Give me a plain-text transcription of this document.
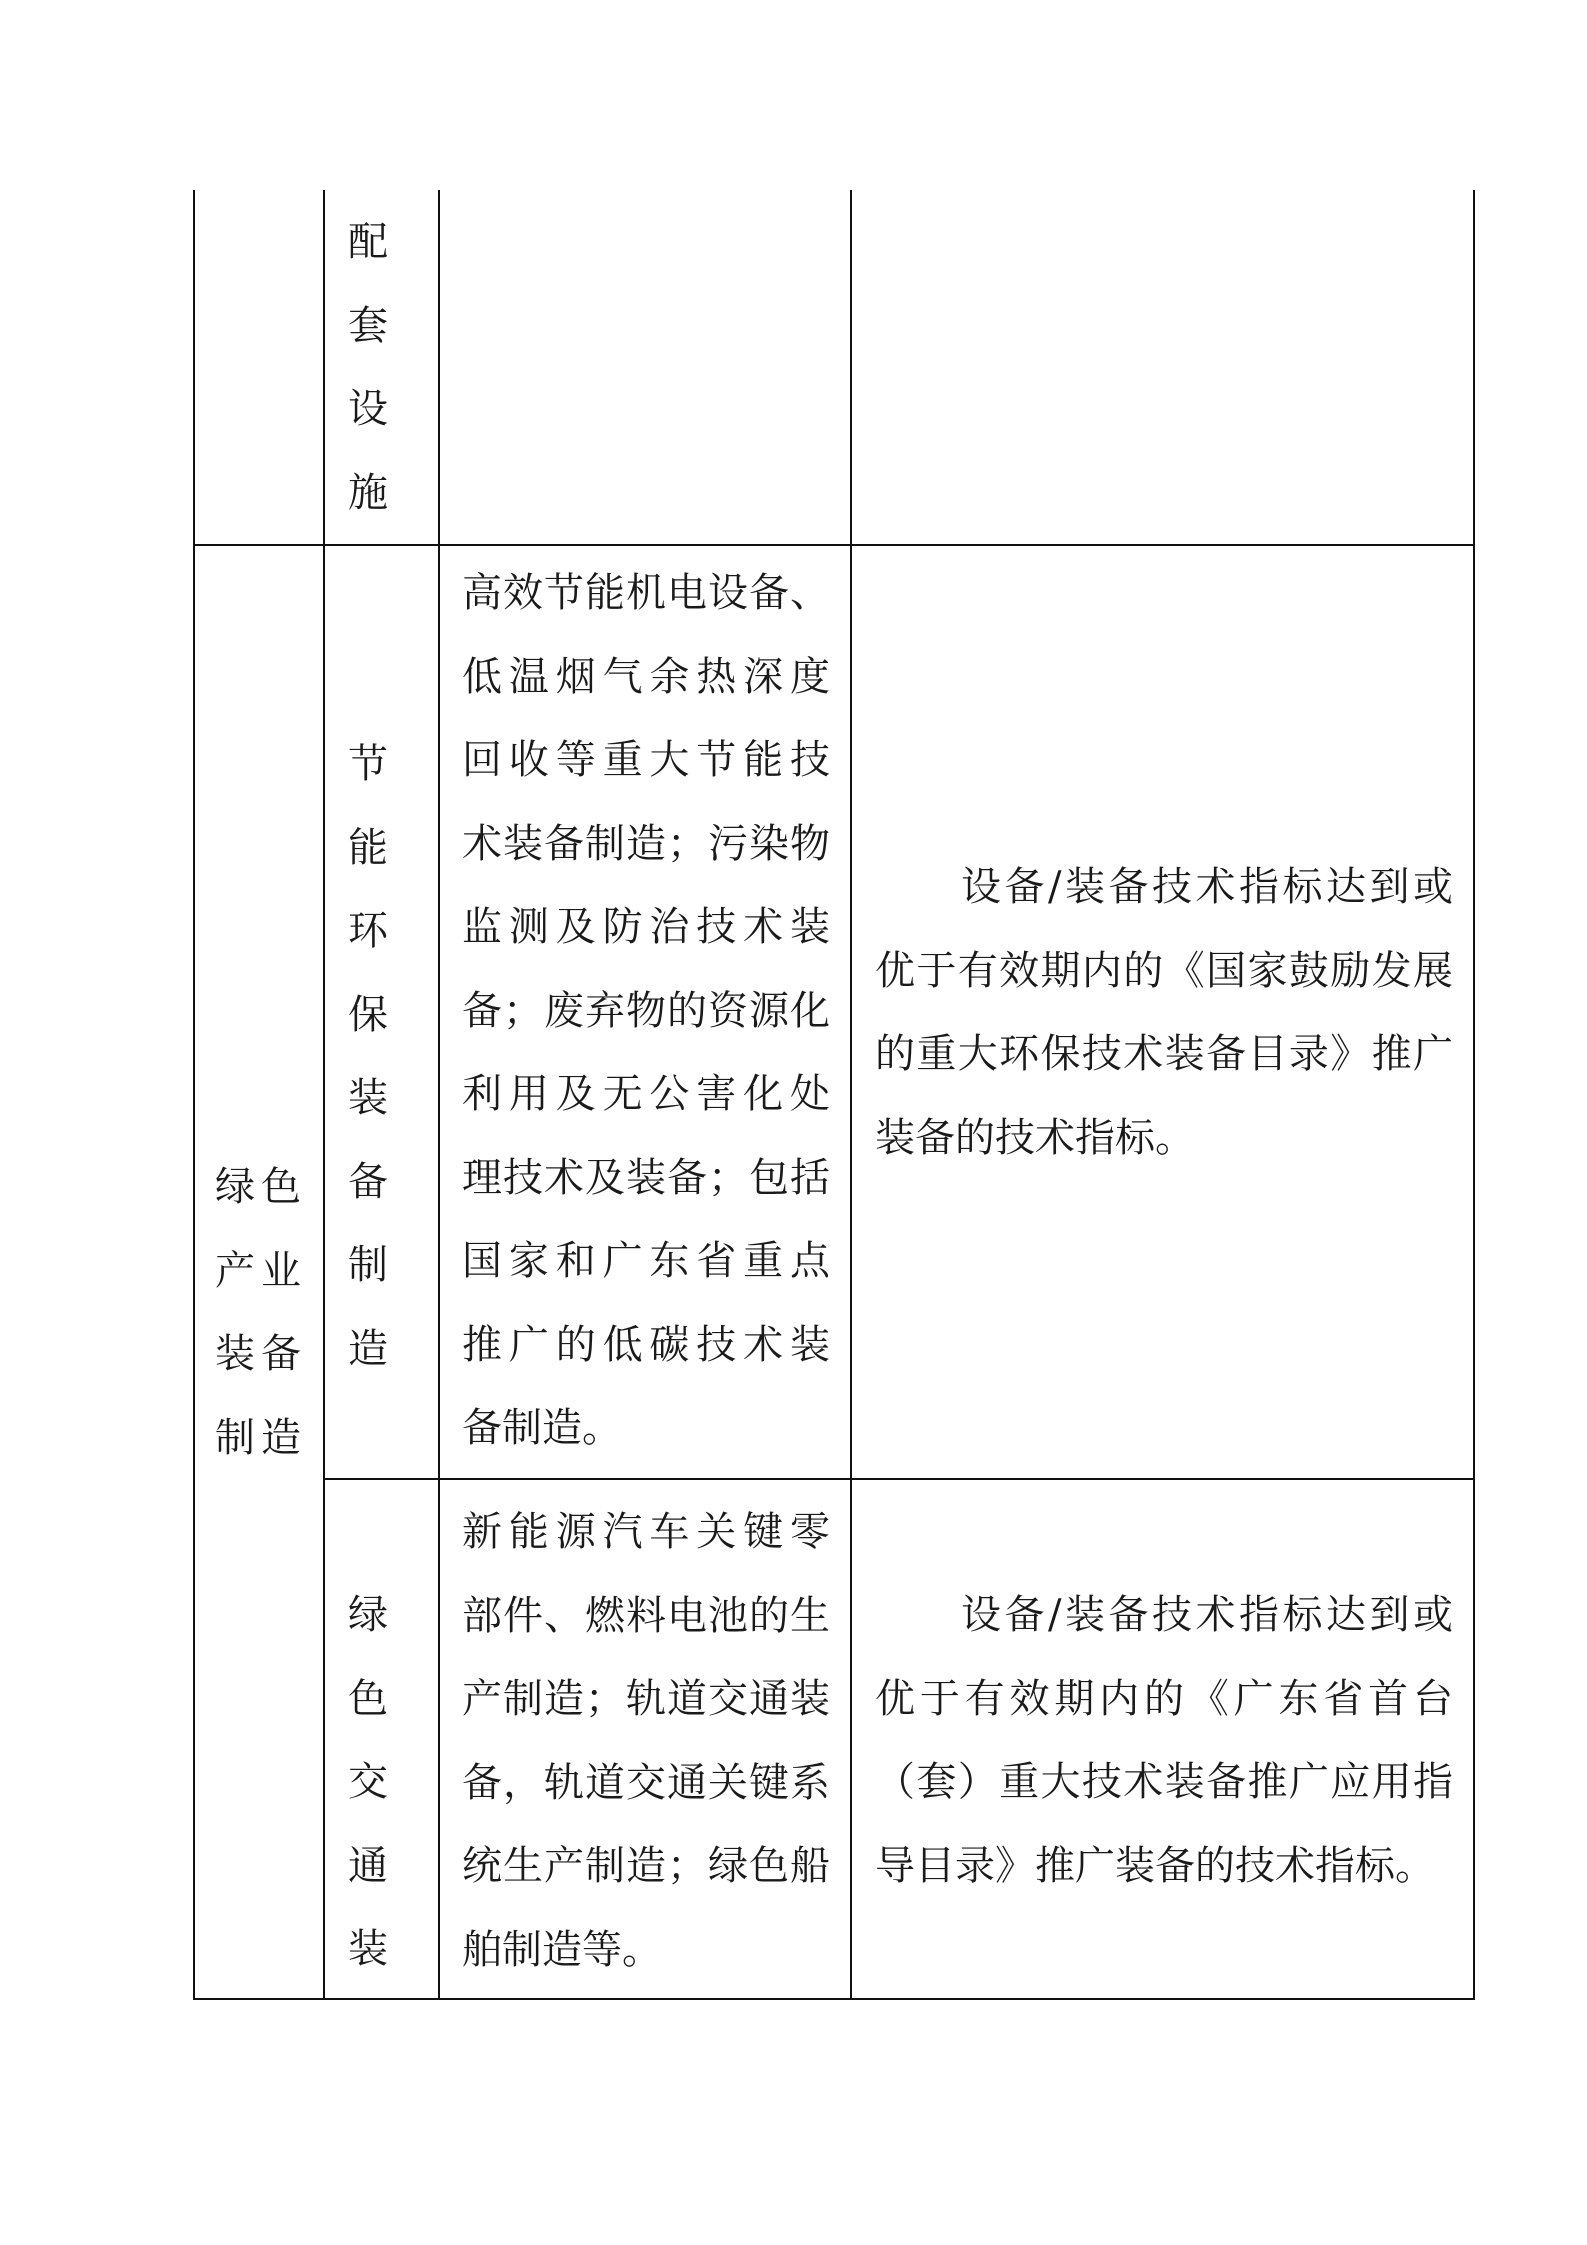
配
套
设
施
绿色
产业
装备
制造
节
能
环
保
装
备
制
造
高效节能机电设备、
低温烟气余热深度
回收等重大节能技
术装备制造；污染物
监测及防治技术装
备；废弃物的资源化
利用及无公害化处
理技术及装备；包括
国家和广东省重点
推广的低碳技术装
备制造。
设备/装备技术指标达到或
优于有效期内的《国家鼓励发展
的重大环保技术装备目录》推广
装备的技术指标。
绿
色
交
通
装
新能源汽车关键零
部件、燃料电池的生
产制造；轨道交通装
备，轨道交通关键系
统生产制造；绿色船
舶制造等。
设备/装备技术指标达到或
优于有效期内的《广东省首台
（套）重大技术装备推广应用指
导目录》推广装备的技术指标。
